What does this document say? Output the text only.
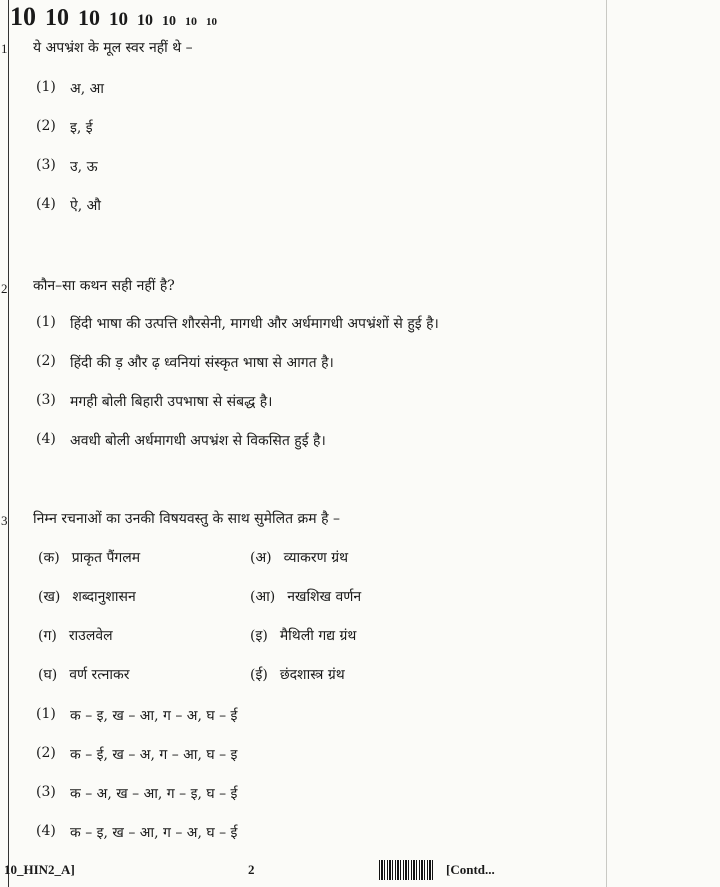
10 10 10 10 10 10 10 10
1 ये अपभ्रंश के मूल स्वर नहीं थे –
(1) अ, आ
(2) इ, ई
(3) उ, ऊ
(4) ऐ, औ
2 कौन–सा कथन सही नहीं है?
(1) हिंदी भाषा की उत्पत्ति शौरसेनी, मागधी और अर्धमागधी अपभ्रंशों से हुई है।
(2) हिंदी की ड़ और ढ़ ध्वनियां संस्कृत भाषा से आगत है।
(3) मगही बोली बिहारी उपभाषा से संबद्ध है।
(4) अवधी बोली अर्धमागधी अपभ्रंश से विकसित हुई है।
3 निम्न रचनाओं का उनकी विषयवस्तु के साथ सुमेलित क्रम है –
(क) प्राकृत पैंगलम
(ख) शब्दानुशासन
(ग) राउलवेल
(घ) वर्ण रत्नाकर
(अ) व्याकरण ग्रंथ
(आ) नखशिख वर्णन
(इ) मैथिली गद्य ग्रंथ
(ई) छंदशास्त्र ग्रंथ
(1) क – इ, ख – आ, ग – अ, घ – ई
(2) क – ई, ख – अ, ग – आ, घ – इ
(3) क – अ, ख – आ, ग – इ, घ – ई
(4) क – इ, ख – आ, ग – अ, घ – ई
10_HIN2_A]	2	[Contd...
